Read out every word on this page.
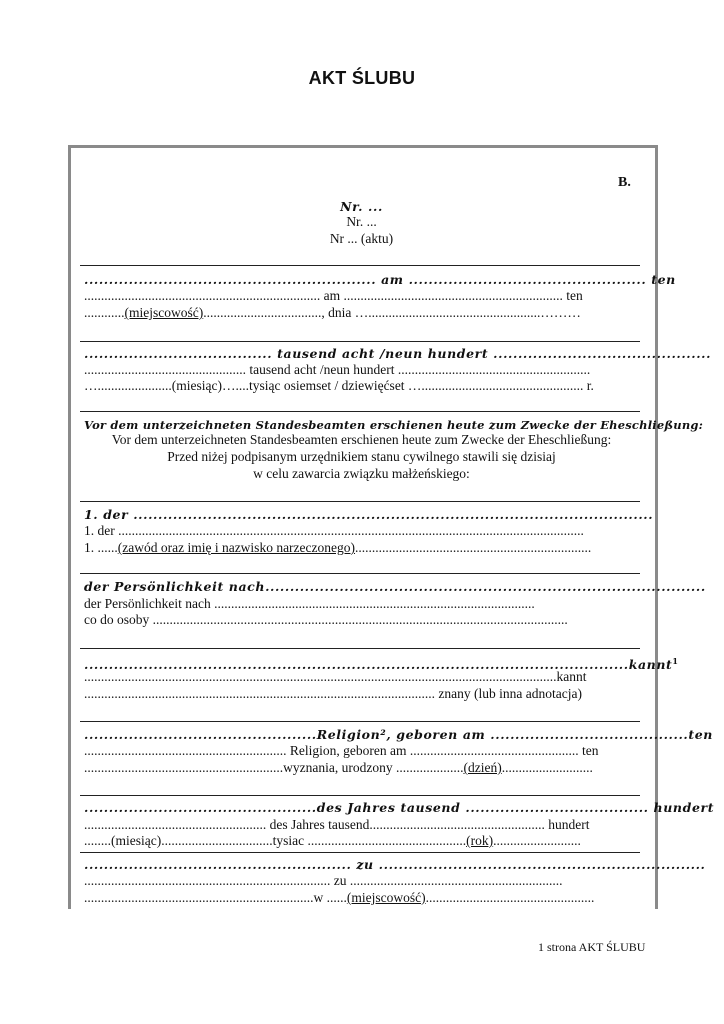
AKT ŚLUBU
B.
Nr. ...
Nr. ...
Nr ... (aktu)
........................................................... am ................................................ ten
...................................................................... am ................................................................. ten
............(miejscowość)..................................., dnia …...................................................………
...................................... tausend acht /neun hundert ............................................
................................................ tausend acht /neun hundert .........................................................
…......................(miesiąc)…....tysiąc osiemset / dziewięćset …................................................ r.
Vor dem unterzeichneten Standesbeamten erschienen heute zum Zwecke der Eheschließung:
Vor dem unterzeichneten Standesbeamten erschienen heute zum Zwecke der Eheschließung:
Przed niżej podpisanym urzędnikiem stanu cywilnego stawili się dzisiaj
w celu zawarcia związku małżeńskiego:
1. der .........................................................................................................
1. der ..........................................................................................................................................
1. ......(zawód oraz imię i nazwisko narzeczonego)......................................................................
der Persönlichkeit nach.........................................................................................
der Persönlichkeit nach ...............................................................................................
co do osoby ...........................................................................................................................
..............................................................................................................kannt$^1$
............................................................................................................................................kannt
........................................................................................................ znany (lub inna adnotacja)
...............................................Religion², geboren am ........................................ten
............................................................ Religion, geboren am .................................................. ten
...........................................................wyznania, urodzony ....................(dzień)...........................
...............................................des Jahres tausend ..................................... hundert
...................................................... des Jahres tausend.................................................... hundert
........(miesiąc).................................tysiac ...............................................(rok)..........................
...................................................... zu ..................................................................
......................................................................... zu ...............................................................
....................................................................w ......(miejscowość)..................................................
1 strona AKT ŚLUBU
